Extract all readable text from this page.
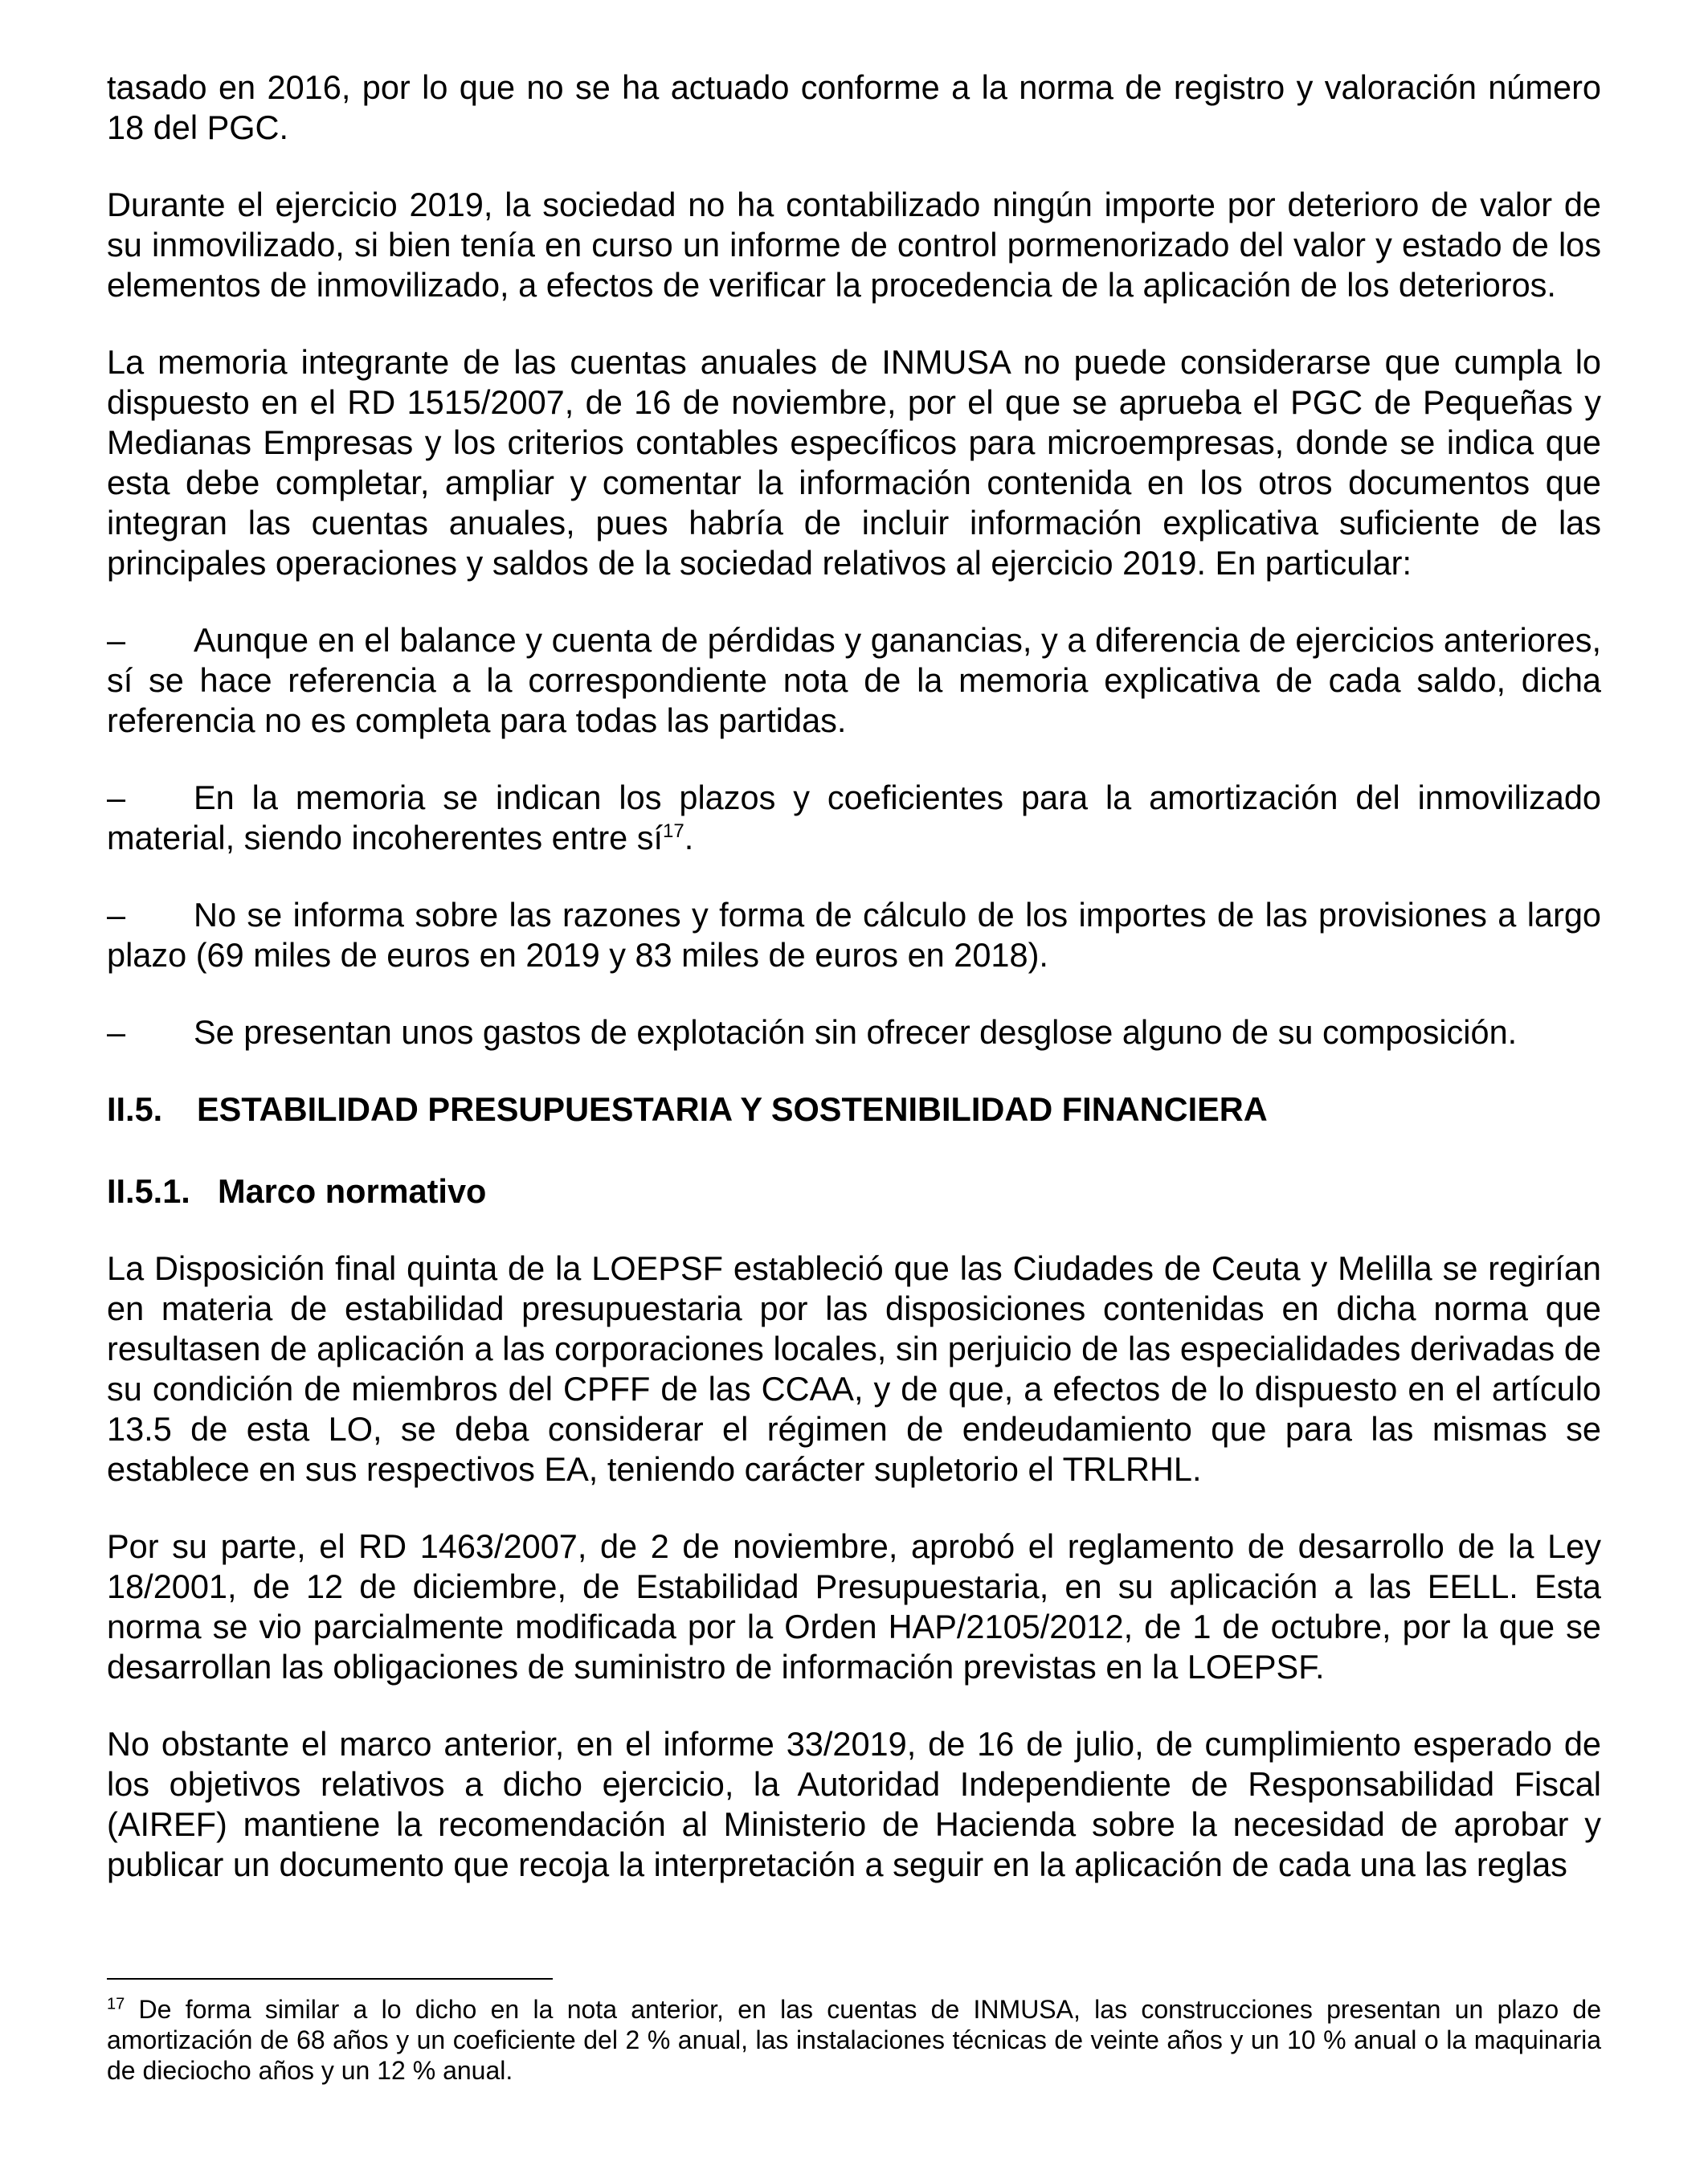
tasado en 2016, por lo que no se ha actuado conforme a la norma de registro y valoración número 18 del PGC.

Durante el ejercicio 2019, la sociedad no ha contabilizado ningún importe por deterioro de valor de su inmovilizado, si bien tenía en curso un informe de control pormenorizado del valor y estado de los elementos de inmovilizado, a efectos de verificar la procedencia de la aplicación de los deterioros.

La memoria integrante de las cuentas anuales de INMUSA no puede considerarse que cumpla lo dispuesto en el RD 1515/2007, de 16 de noviembre, por el que se aprueba el PGC de Pequeñas y Medianas Empresas y los criterios contables específicos para microempresas, donde se indica que esta debe completar, ampliar y comentar la información contenida en los otros documentos que integran las cuentas anuales, pues habría de incluir información explicativa suficiente de las principales operaciones y saldos de la sociedad relativos al ejercicio 2019. En particular:

– Aunque en el balance y cuenta de pérdidas y ganancias, y a diferencia de ejercicios anteriores, sí se hace referencia a la correspondiente nota de la memoria explicativa de cada saldo, dicha referencia no es completa para todas las partidas.

– En la memoria se indican los plazos y coeficientes para la amortización del inmovilizado material, siendo incoherentes entre $sí^{17}$.

– No se informa sobre las razones y forma de cálculo de los importes de las provisiones a largo plazo (69 miles de euros en 2019 y 83 miles de euros en 2018).

– Se presentan unos gastos de explotación sin ofrecer desglose alguno de su composición.

II.5. ESTABILIDAD PRESUPUESTARIA Y SOSTENIBILIDAD FINANCIERA
II.5.1. Marco normativo

La Disposición final quinta de la LOEPSF estableció que las Ciudades de Ceuta y Melilla se regirían en materia de estabilidad presupuestaria por las disposiciones contenidas en dicha norma que resultasen de aplicación a las corporaciones locales, sin perjuicio de las especialidades derivadas de su condición de miembros del CPFF de las CCAA, y de que, a efectos de lo dispuesto en el artículo 13.5 de esta LO, se deba considerar el régimen de endeudamiento que para las mismas se establece en sus respectivos EA, teniendo carácter supletorio el TRLRHL.

Por su parte, el RD 1463/2007, de 2 de noviembre, aprobó el reglamento de desarrollo de la Ley 18/2001, de 12 de diciembre, de Estabilidad Presupuestaria, en su aplicación a las EELL. Esta norma se vio parcialmente modificada por la Orden HAP/2105/2012, de 1 de octubre, por la que se desarrollan las obligaciones de suministro de información previstas en la LOEPSF.

No obstante el marco anterior, en el informe 33/2019, de 16 de julio, de cumplimiento esperado de los objetivos relativos a dicho ejercicio, la Autoridad Independiente de Responsabilidad Fiscal (AIREF) mantiene la recomendación al Ministerio de Hacienda sobre la necesidad de aprobar y publicar un documento que recoja la interpretación a seguir en la aplicación de cada una las reglas

$^{17}$ De forma similar a lo dicho en la nota anterior, en las cuentas de INMUSA, las construcciones presentan un plazo de amortización de 68 años y un coeficiente del 2 % anual, las instalaciones técnicas de veinte años y un 10 % anual o la maquinaria de dieciocho años y un 12 % anual.
